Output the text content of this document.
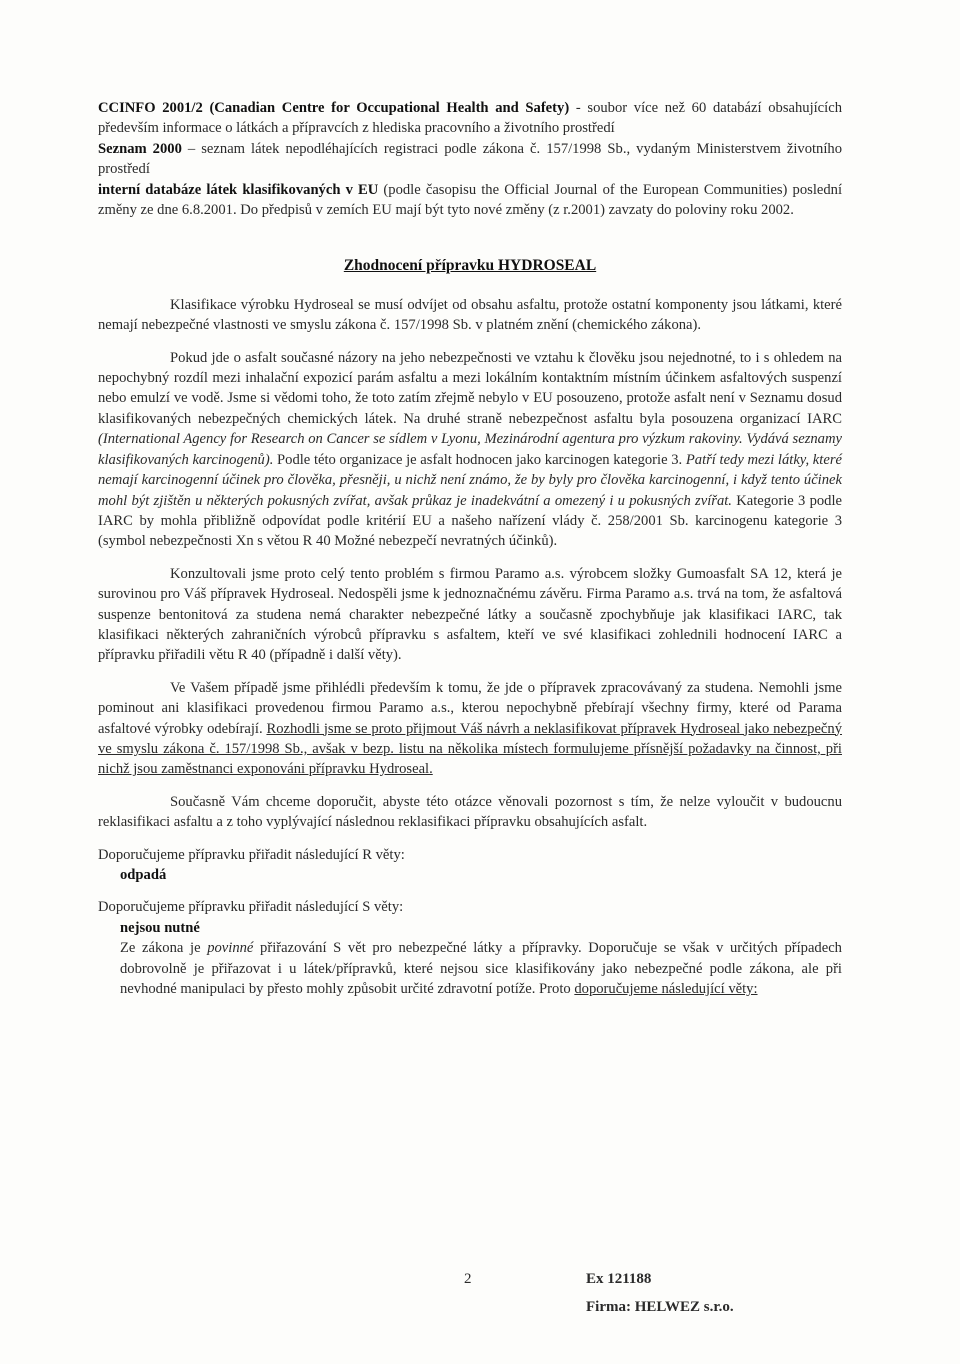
CCINFO 2001/2 (Canadian Centre for Occupational Health and Safety) - soubor více než 60 databází obsahujících především informace o látkách a přípravcích z hlediska pracovního a životního prostředí

Seznam 2000 – seznam látek nepodléhajících registraci podle zákona č. 157/1998 Sb., vydaným Ministerstvem životního prostředí

interní databáze látek klasifikovaných v EU (podle časopisu the Official Journal of the European Communities) poslední změny ze dne 6.8.2001. Do předpisů v zemích EU mají být tyto nové změny (z r.2001) zavzaty do poloviny roku 2002.

Zhodnocení přípravku HYDROSEAL

Klasifikace výrobku Hydroseal se musí odvíjet od obsahu asfaltu, protože ostatní komponenty jsou látkami, které nemají nebezpečné vlastnosti ve smyslu zákona č. 157/1998 Sb. v platném znění (chemického zákona).

Pokud jde o asfalt současné názory na jeho nebezpečnosti ve vztahu k člověku jsou nejednotné, to i s ohledem na nepochybný rozdíl mezi inhalační expozicí parám asfaltu a mezi lokálním kontaktním místním účinkem asfaltových suspenzí nebo emulzí ve vodě. Jsme si vědomi toho, že toto zatím zřejmě nebylo v EU posouzeno, protože asfalt není v Seznamu dosud klasifikovaných nebezpečných chemických látek. Na druhé straně nebezpečnost asfaltu byla posouzena organizací IARC (International Agency for Research on Cancer se sídlem v Lyonu, Mezinárodní agentura pro výzkum rakoviny. Vydává seznamy klasifikovaných karcinogenů). Podle této organizace je asfalt hodnocen jako karcinogen kategorie 3. Patří tedy mezi látky, které nemají karcinogenní účinek pro člověka, přesněji, u nichž není známo, že by byly pro člověka karcinogenní, i když tento účinek mohl být zjištěn u některých pokusných zvířat, avšak průkaz je inadekvátní a omezený i u pokusných zvířat. Kategorie 3 podle IARC by mohla přibližně odpovídat podle kritérií EU a našeho nařízení vlády č. 258/2001 Sb. karcinogenu kategorie 3 (symbol nebezpečnosti Xn s větou R 40 Možné nebezpečí nevratných účinků).

Konzultovali jsme proto celý tento problém s firmou Paramo a.s. výrobcem složky Gumoasfalt SA 12, která je surovinou pro Váš přípravek Hydroseal. Nedospěli jsme k jednoznačnému závěru. Firma Paramo a.s. trvá na tom, že asfaltová suspenze bentonitová za studena nemá charakter nebezpečné látky a současně zpochybňuje jak klasifikaci IARC, tak klasifikaci některých zahraničních výrobců přípravku s asfaltem, kteří ve své klasifikaci zohlednili hodnocení IARC a přípravku přiřadili větu R 40 (případně i další věty).

Ve Vašem případě jsme přihlédli především k tomu, že jde o přípravek zpracovávaný za studena. Nemohli jsme pominout ani klasifikaci provedenou firmou Paramo a.s., kterou nepochybně přebírají všechny firmy, které od Parama asfaltové výrobky odebírají. Rozhodli jsme se proto přijmout Váš návrh a neklasifikovat přípravek Hydroseal jako nebezpečný ve smyslu zákona č. 157/1998 Sb., avšak v bezp. listu na několika místech formulujeme přísnější požadavky na činnost, při nichž jsou zaměstnanci exponováni přípravku Hydroseal.

Současně Vám chceme doporučit, abyste této otázce věnovali pozornost s tím, že nelze vyloučit v budoucnu reklasifikaci asfaltu a z toho vyplývající následnou reklasifikaci přípravku obsahujících asfalt.

Doporučujeme přípravku přiřadit následující R věty:

odpadá

Doporučujeme přípravku přiřadit následující S věty:

nejsou nutné

Ze zákona je povinné přiřazování S vět pro nebezpečné látky a přípravky. Doporučuje se však v určitých případech dobrovolně je přiřazovat i u látek/přípravků, které nejsou sice klasifikovány jako nebezpečné podle zákona, ale při nevhodné manipulaci by přesto mohly způsobit určité zdravotní potíže. Proto doporučujeme následující věty:

2	Ex 121188
Firma: HELWEZ s.r.o.
